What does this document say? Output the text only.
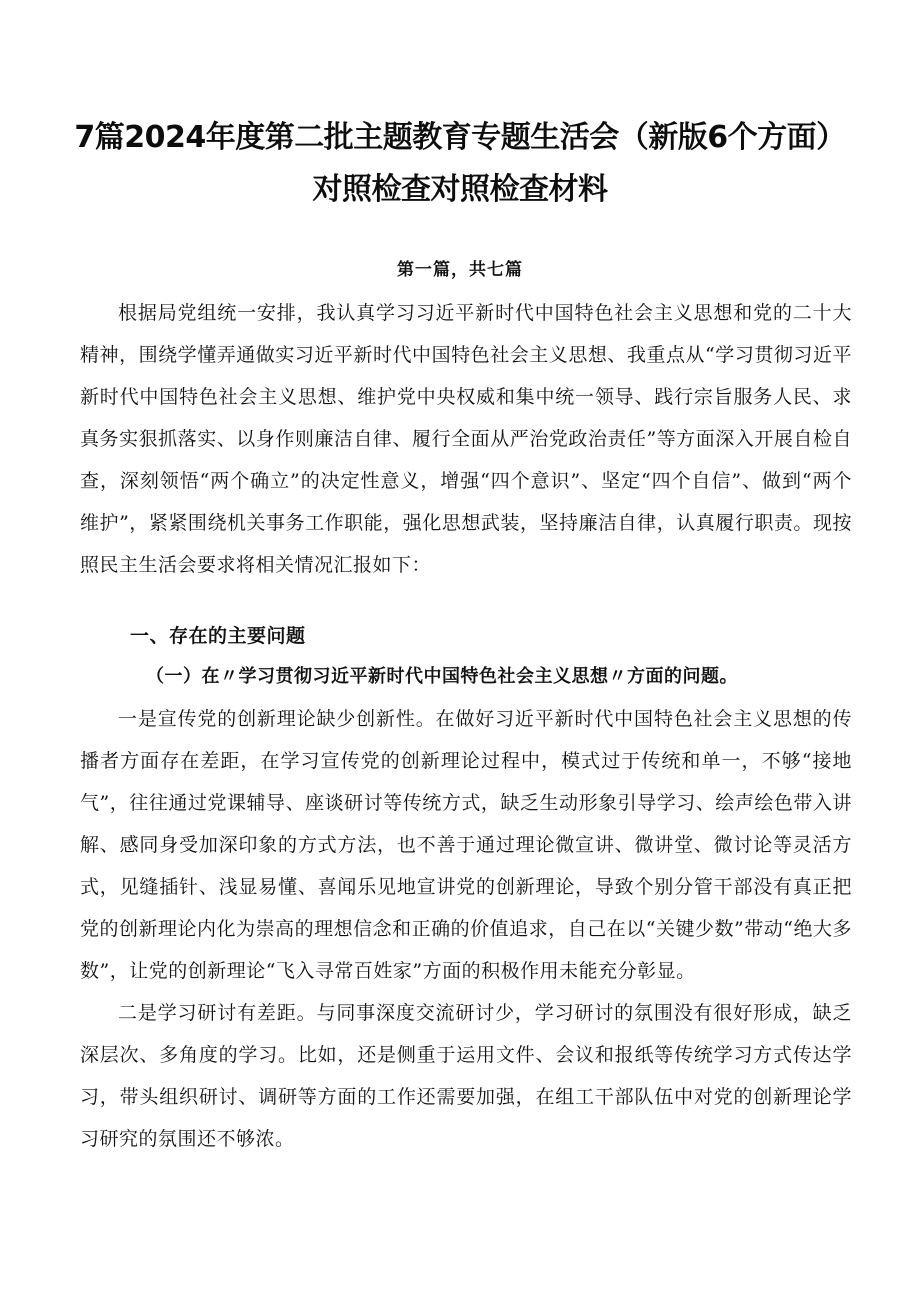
7篇2024年度第二批主题教育专题生活会（新版6个方面）对照检查对照检查材料
第一篇，共七篇

根据局党组统一安排，我认真学习习近平新时代中国特色社会主义思想和党的二十大精神，围绕学懂弄通做实习近平新时代中国特色社会主义思想、我重点从“学习贯彻习近平新时代中国特色社会主义思想、维护党中央权威和集中统一领导、践行宗旨服务人民、求真务实狠抓落实、以身作则廉洁自律、履行全面从严治党政治责任”等方面深入开展自检自查，深刻领悟“两个确立”的决定性意义，增强“四个意识”、坚定“四个自信”、做到“两个维护”，紧紧围绕机关事务工作职能，强化思想武装，坚持廉洁自律，认真履行职责。现按照民主生活会要求将相关情况汇报如下：

一、存在的主要问题
（一）在〃学习贯彻习近平新时代中国特色社会主义思想〃方面的问题。

一是宣传党的创新理论缺少创新性。在做好习近平新时代中国特色社会主义思想的传播者方面存在差距，在学习宣传党的创新理论过程中，模式过于传统和单一，不够“接地气”，往往通过党课辅导、座谈研讨等传统方式，缺乏生动形象引导学习、绘声绘色带入讲解、感同身受加深印象的方式方法，也不善于通过理论微宣讲、微讲堂、微讨论等灵活方式，见缝插针、浅显易懂、喜闻乐见地宣讲党的创新理论，导致个别分管干部没有真正把党的创新理论内化为崇高的理想信念和正确的价值追求，自己在以“关键少数”带动“绝大多数”，让党的创新理论“飞入寻常百姓家”方面的积极作用未能充分彰显。

二是学习研讨有差距。与同事深度交流研讨少，学习研讨的氛围没有很好形成，缺乏深层次、多角度的学习。比如，还是侧重于运用文件、会议和报纸等传统学习方式传达学习，带头组织研讨、调研等方面的工作还需要加强，在组工干部队伍中对党的创新理论学习研究的氛围还不够浓。
